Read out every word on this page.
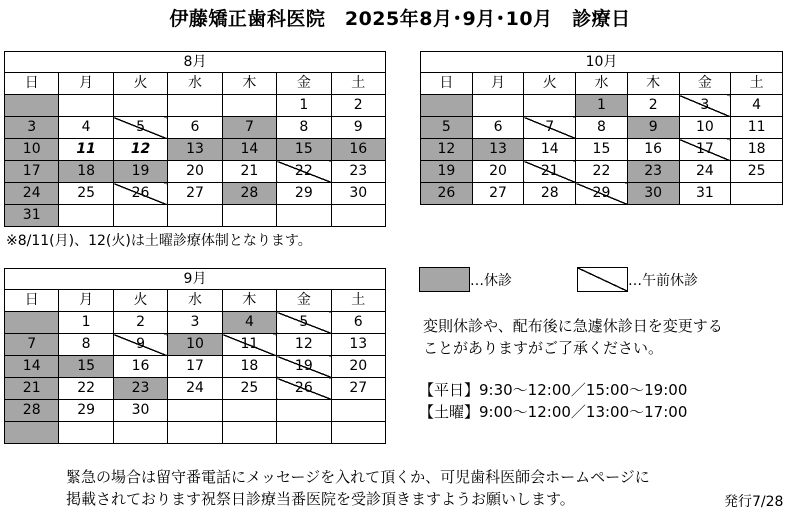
伊藤矯正歯科医院　2025年8月･9月･10月　診療日
8月						
日	月	火	水	木	金	土
					1	2
3	4	5	6	7	8	9
10	11	12	13	14	15	16
17	18	19	20	21	22	23
24	25	26	27	28	29	30
31						
10月						
日	月	火	水	木	金	土
			1	2	3	4
5	6	7	8	9	10	11
12	13	14	15	16	17	18
19	20	21	22	23	24	25
26	27	28	29	30	31	
9月						
日	月	火	水	木	金	土
	1	2	3	4	5	6
7	8	9	10	11	12	13
14	15	16	17	18	19	20
21	22	23	24	25	26	27
28	29	30				

※8/11(月)、12(火)は土曜診療体制となります。
…休診	…午前休診
変則休診や、配布後に急遽休診日を変更する
ことがありますがご了承ください。
【平日】9:30～12:00／15:00～19:00
【土曜】9:00～12:00／13:00～17:00
緊急の場合は留守番電話にメッセージを入れて頂くか、可児歯科医師会ホームページに
掲載されております祝祭日診療当番医院を受診頂きますようお願いします。	発行7/28
